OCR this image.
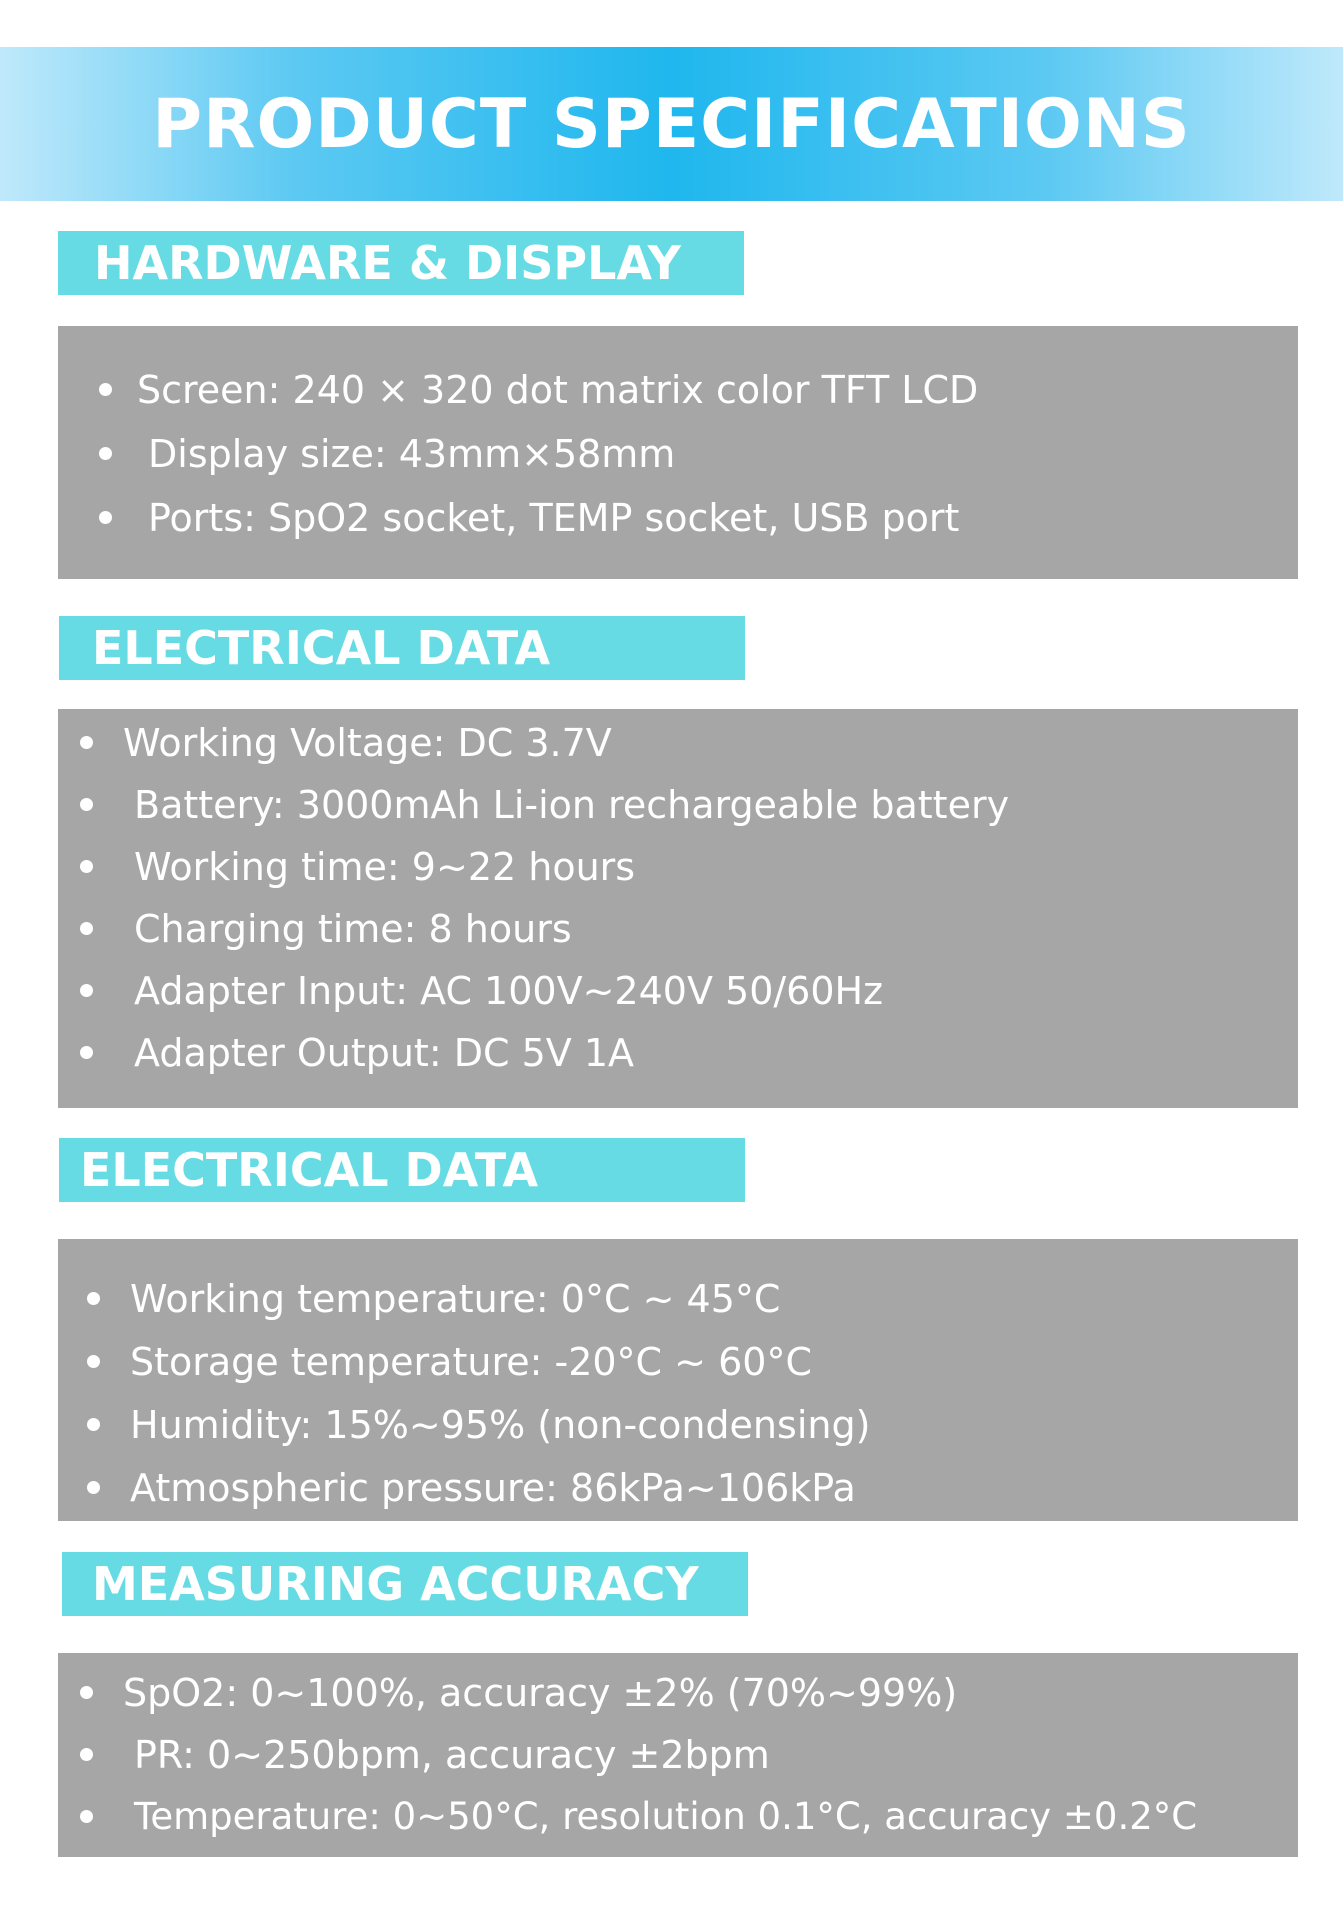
PRODUCT SPECIFICATIONS
HARDWARE & DISPLAY
Screen: 240 × 320 dot matrix color TFT LCD
Display size: 43mm×58mm
Ports: SpO2 socket, TEMP socket, USB port
ELECTRICAL DATA
Working Voltage: DC 3.7V
Battery: 3000mAh Li-ion rechargeable battery
Working time: 9~22 hours
Charging time: 8 hours
Adapter Input: AC 100V~240V 50/60Hz
Adapter Output: DC 5V 1A
ELECTRICAL DATA
Working temperature: 0°C ~ 45°C
Storage temperature: -20°C ~ 60°C
Humidity: 15%~95% (non-condensing)
Atmospheric pressure: 86kPa~106kPa
MEASURING ACCURACY
SpO2: 0~100%, accuracy ±2% (70%~99%)
PR: 0~250bpm, accuracy ±2bpm
Temperature: 0~50°C, resolution 0.1°C, accuracy ±0.2°C
